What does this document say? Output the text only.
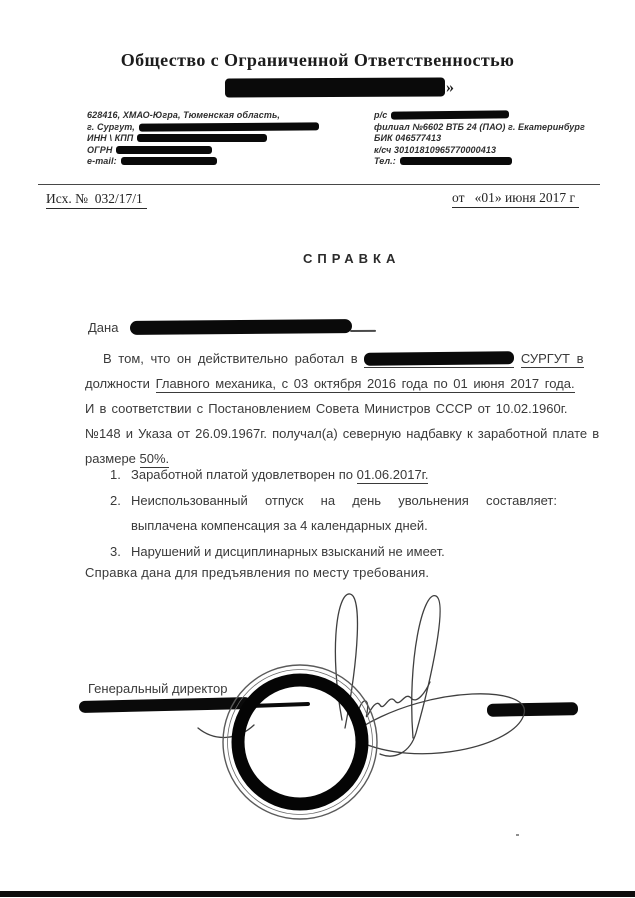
Общество с Ограниченной Ответственностью
»
628416, ХМАО-Югра, Тюменская область,
г. Сургут,
ИНН \ КПП
ОГРН
e-mail:
р/с
филиал №6602 ВТБ 24 (ПАО) г. Екатеринбург
БИК 046577413
к/сч 30101810965770000413
Тел.:
Исх. №  032/17/1	от   «01» июня 2017 г
СПРАВКА
Дана
В том, что он действительно работал в	СУРГУТ в
должности Главного механика, с 03 октября 2016 года по 01 июня 2017 года.
И в соответствии с Постановлением Совета Министров СССР от 10.02.1960г.
№148 и Указа от 26.09.1967г. получал(а) северную надбавку к заработной плате в
размере 50%.
1. Заработной платой удовлетворен по 01.06.2017г.
2. Неиспользованный отпуск на день увольнения составляет: выплачена компенсация за 4 календарных дней.
3. Нарушений и дисциплинарных взысканий не имеет.
Справка дана для предъявления по месту требования.
Генеральный директор
